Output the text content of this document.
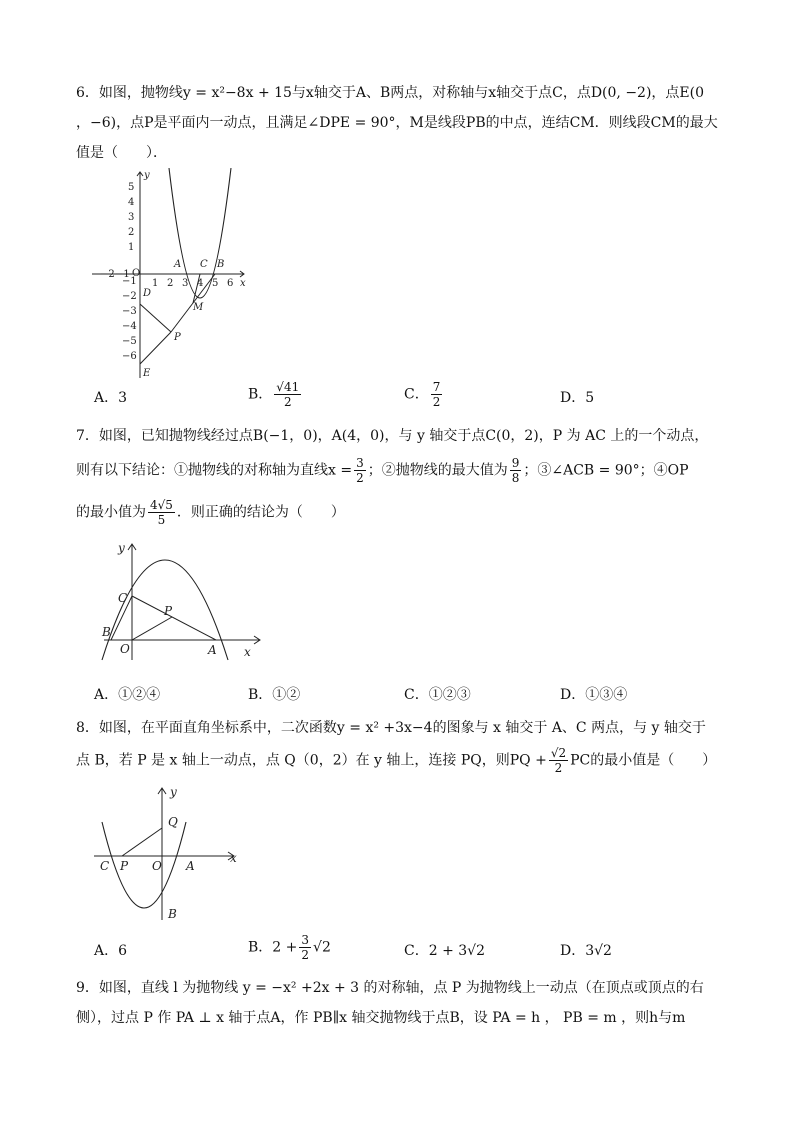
6．如图，抛物线y = x²−8x + 15与x轴交于A、B两点，对称轴与x轴交于点C，点D(0, −2)，点E(0
，−6)，点P是平面内一动点，且满足∠DPE = 90°，M是线段PB的中点，连结CM．则线段CM的最大
值是（　　）．
5
4
3
2
1
−1
−2
−3
−4
−5
−6
−2 −1
1 2 3 4 5 6
O
x
y
A C B
D
E
P
M
A．3	B． $\frac{√41}{2}$	C． $\frac{7}{2}$	D．5
7．如图，已知抛物线经过点B(−1，0)，A(4，0)，与 y 轴交于点C(0，2)，P 为 AC 上的一个动点，
则有以下结论：①抛物线的对称轴为直线$x = \frac{3}{2}$ ；②抛物线的最大值为 $\frac{9}{8}$ ；③∠ACB = 90°；④OP
的最小值为 $\frac{4√5}{5}$ ．则正确的结论为（　　）
y
x
C
P
B
O	A
A．①②④	B．①②	C．①②③	D．①③④
8．如图，在平面直角坐标系中，二次函数y = x² +3x−4的图象与 x 轴交于 A、C 两点，与 y 轴交于
点 B，若 P 是 x 轴上一动点，点 Q（0，2）在 y 轴上，连接 PQ，则PQ + $\frac{√2}{2}$ PC的最小值是（　　）
y
x
Q
C P O A
B
A．6	B．$2 + \frac{3}{2} √2$	C．2 + 3√2	D．3√2
9．如图，直线 l 为抛物线 y = −x² +2x + 3 的对称轴，点 P 为抛物线上一动点（在顶点或顶点的右
侧），过点 P 作 PA ⊥ x 轴于点A，作 PB∥x 轴交抛物线于点B，设 PA = h ， PB = m ，则h与m
